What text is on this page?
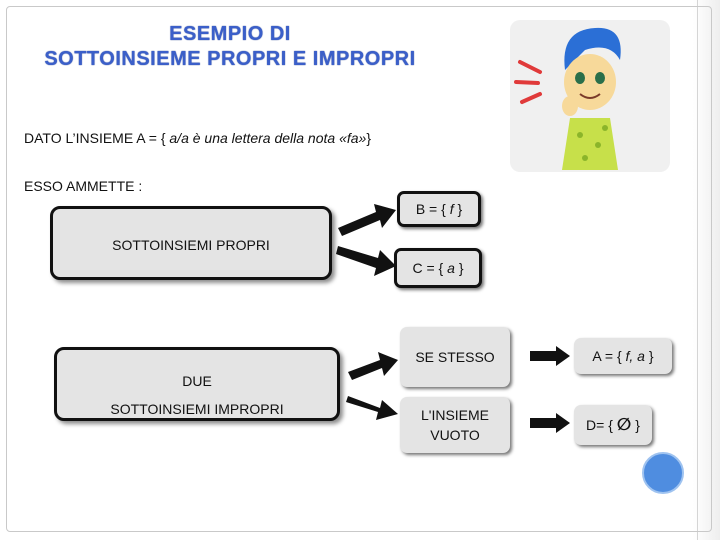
ESEMPIO DI
SOTTOINSIEME PROPRI E IMPROPRI
DATO L’INSIEME A = { a/a è una lettera della nota «fa»}
ESSO AMMETTE :
SOTTOINSIEMI PROPRI
B = {
f
}
C = {
a
}
DUE
SOTTOINSIEMI IMPROPRI
SE STESSO
L'INSIEME
VUOTO
A = {
f, a
}
D= {
∅
}
